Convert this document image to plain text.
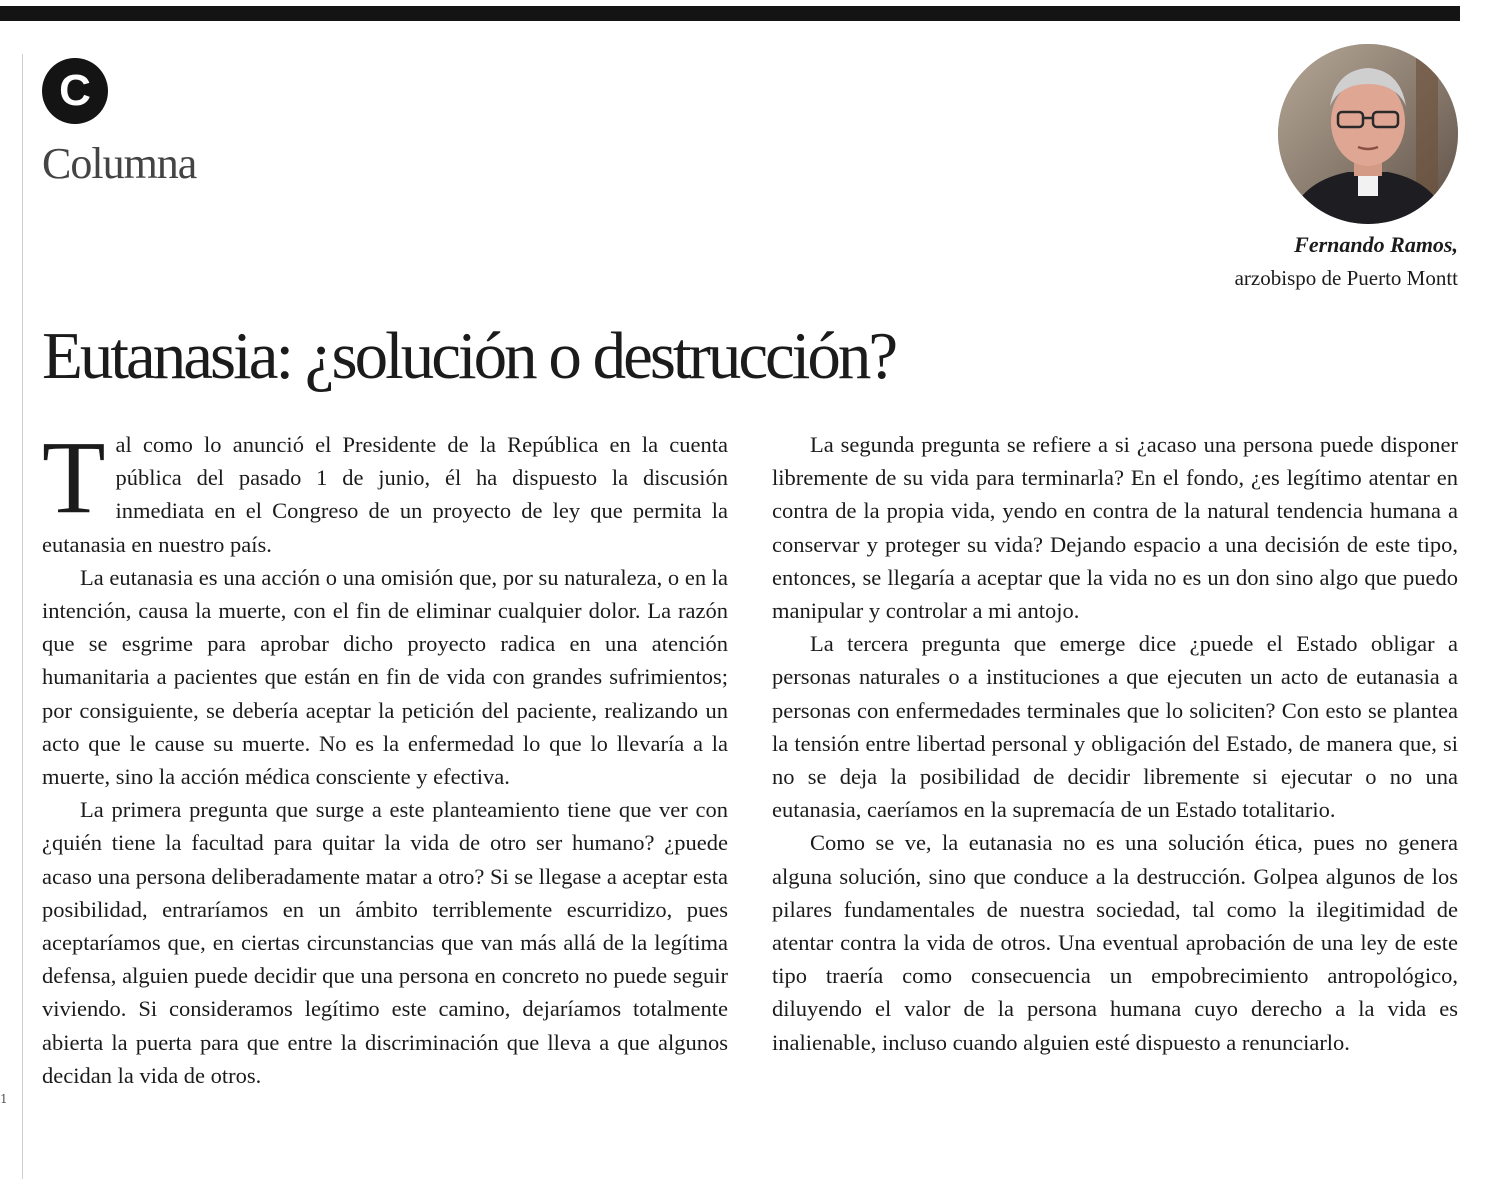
1
C
Columna
Fernando Ramos,
arzobispo de Puerto Montt
Eutanasia: ¿solución o destrucción?

Tal como lo anunció el Presidente de la República en la cuenta pública del pasado 1 de junio, él ha dispuesto la discusión inmediata en el Congreso de un proyecto de ley que permita la eutanasia en nuestro país.

La eutanasia es una acción o una omisión que, por su naturaleza, o en la intención, causa la muerte, con el fin de eliminar cualquier dolor. La razón que se esgrime para aprobar dicho proyecto radica en una atención humanitaria a pacientes que están en fin de vida con grandes sufrimientos; por consiguiente, se debería aceptar la petición del paciente, realizando un acto que le cause su muerte. No es la enfermedad lo que lo llevaría a la muerte, sino la acción médica consciente y efectiva.

La primera pregunta que surge a este planteamiento tiene que ver con ¿quién tiene la facultad para quitar la vida de otro ser humano? ¿puede acaso una persona deliberadamente matar a otro? Si se llegase a aceptar esta posibilidad, entraríamos en un ámbito terriblemente escurridizo, pues aceptaríamos que, en ciertas circunstancias que van más allá de la legítima defensa, alguien puede decidir que una persona en concreto no puede seguir viviendo. Si consideramos legítimo este camino, dejaríamos totalmente abierta la puerta para que entre la discriminación que lleva a que algunos decidan la vida de otros.

La segunda pregunta se refiere a si ¿acaso una persona puede disponer libremente de su vida para terminarla? En el fondo, ¿es legítimo atentar en contra de la propia vida, yendo en contra de la natural tendencia humana a conservar y proteger su vida? Dejando espacio a una decisión de este tipo, entonces, se llegaría a aceptar que la vida no es un don sino algo que puedo manipular y controlar a mi antojo.

La tercera pregunta que emerge dice ¿puede el Estado obligar a personas naturales o a instituciones a que ejecuten un acto de eutanasia a personas con enfermedades terminales que lo soliciten? Con esto se plantea la tensión entre libertad personal y obligación del Estado, de manera que, si no se deja la posibilidad de decidir libremente si ejecutar o no una eutanasia, caeríamos en la supremacía de un Estado totalitario.

Como se ve, la eutanasia no es una solución ética, pues no genera alguna solución, sino que conduce a la destrucción. Golpea algunos de los pilares fundamentales de nuestra sociedad, tal como la ilegitimidad de atentar contra la vida de otros. Una eventual aprobación de una ley de este tipo traería como consecuencia un empobrecimiento antropológico, diluyendo el valor de la persona humana cuyo derecho a la vida es inalienable, incluso cuando alguien esté dispuesto a renunciarlo.
